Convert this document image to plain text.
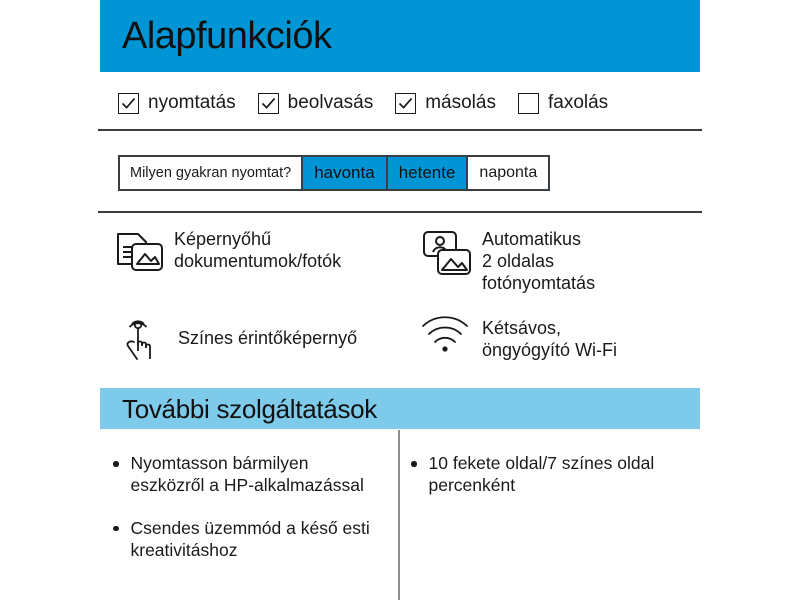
Alapfunkciók
nyomtatás	beolvasás	másolás	faxolás
Milyen gyakran nyomtat?	havonta	hetente	naponta
Képernyőhű
dokumentumok/fotók
Automatikus
2 oldalas
fotónyomtatás
Színes érintőképernyő	Kétsávos,
öngyógyító Wi-Fi
További szolgáltatások
Nyomtasson bármilyen eszközről a HP-alkalmazással
Csendes üzemmód a késő esti kreativitáshoz
10 fekete oldal/7 színes oldal percenként
